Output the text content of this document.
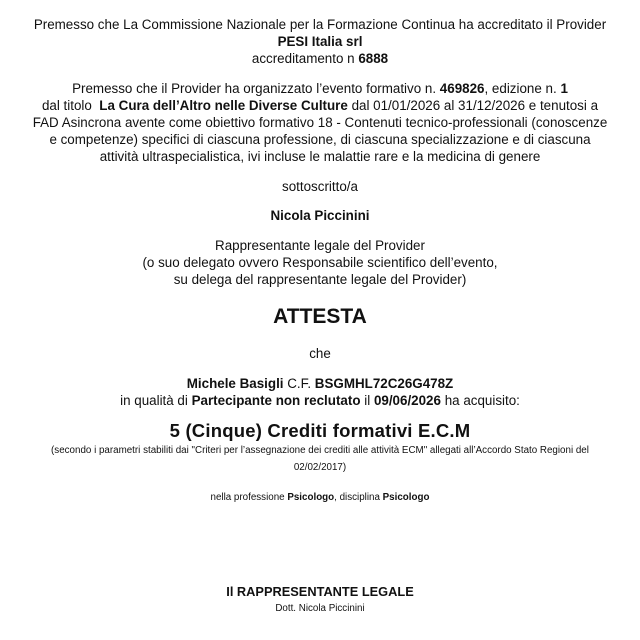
Premesso che La Commissione Nazionale per la Formazione Continua ha accreditato il Provider
PESI Italia srl
accreditamento n 6888
Premesso che il Provider ha organizzato l’evento formativo n. 469826, edizione n. 1
dal titolo La Cura dell’Altro nelle Diverse Culture dal 01/01/2026 al 31/12/2026 e tenutosi a
FAD Asincrona avente come obiettivo formativo 18 - Contenuti tecnico-professionali (conoscenze
e competenze) specifici di ciascuna professione, di ciascuna specializzazione e di ciascuna
attività ultraspecialistica, ivi incluse le malattie rare e la medicina di genere
sottoscritto/a
Nicola Piccinini
Rappresentante legale del Provider
(o suo delegato ovvero Responsabile scientifico dell’evento,
su delega del rappresentante legale del Provider)
ATTESTA
che
Michele Basigli C.F. BSGMHL72C26G478Z
in qualità di Partecipante non reclutato il 09/06/2026 ha acquisito:
5 (Cinque) Crediti formativi E.C.M
(secondo i parametri stabiliti dai "Criteri per l’assegnazione dei crediti alle attività ECM" allegati all’Accordo Stato Regioni del
02/02/2017)
nella professione Psicologo, disciplina Psicologo
Il RAPPRESENTANTE LEGALE
Dott. Nicola Piccinini
